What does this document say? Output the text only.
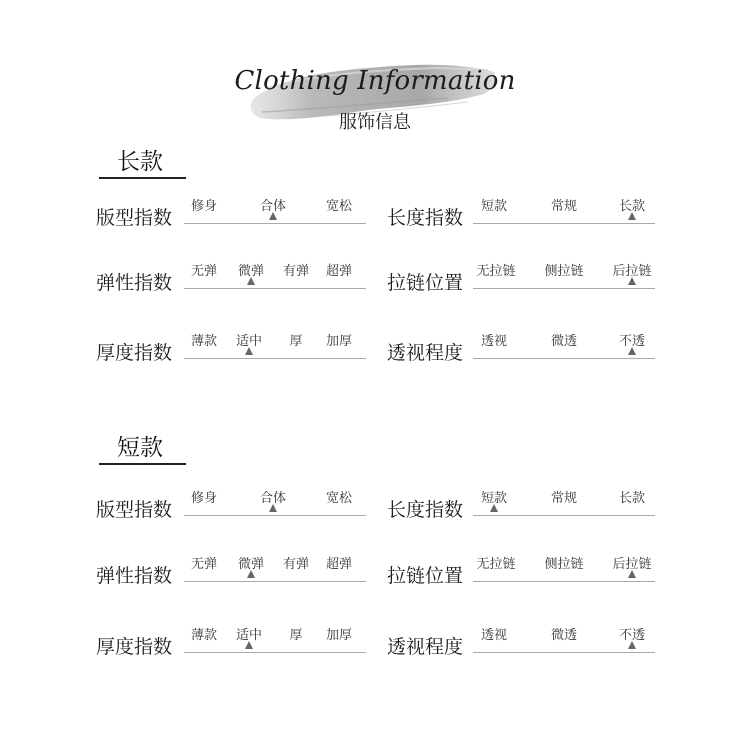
Clothing Information
服饰信息
长款
版型指数
修身	合体	宽松
长度指数
短款	常规	长款
弹性指数
无弹 微弹 有弹 超弹
拉链位置
无拉链 侧拉链 后拉链
厚度指数
薄款 适中 厚 加厚
透视程度
透视	微透	不透
短款
版型指数
修身	合体	宽松
长度指数
短款	常规	长款
弹性指数
无弹 微弹 有弹 超弹
拉链位置
无拉链 侧拉链 后拉链
厚度指数
薄款 适中 厚 加厚
透视程度
透视	微透	不透
